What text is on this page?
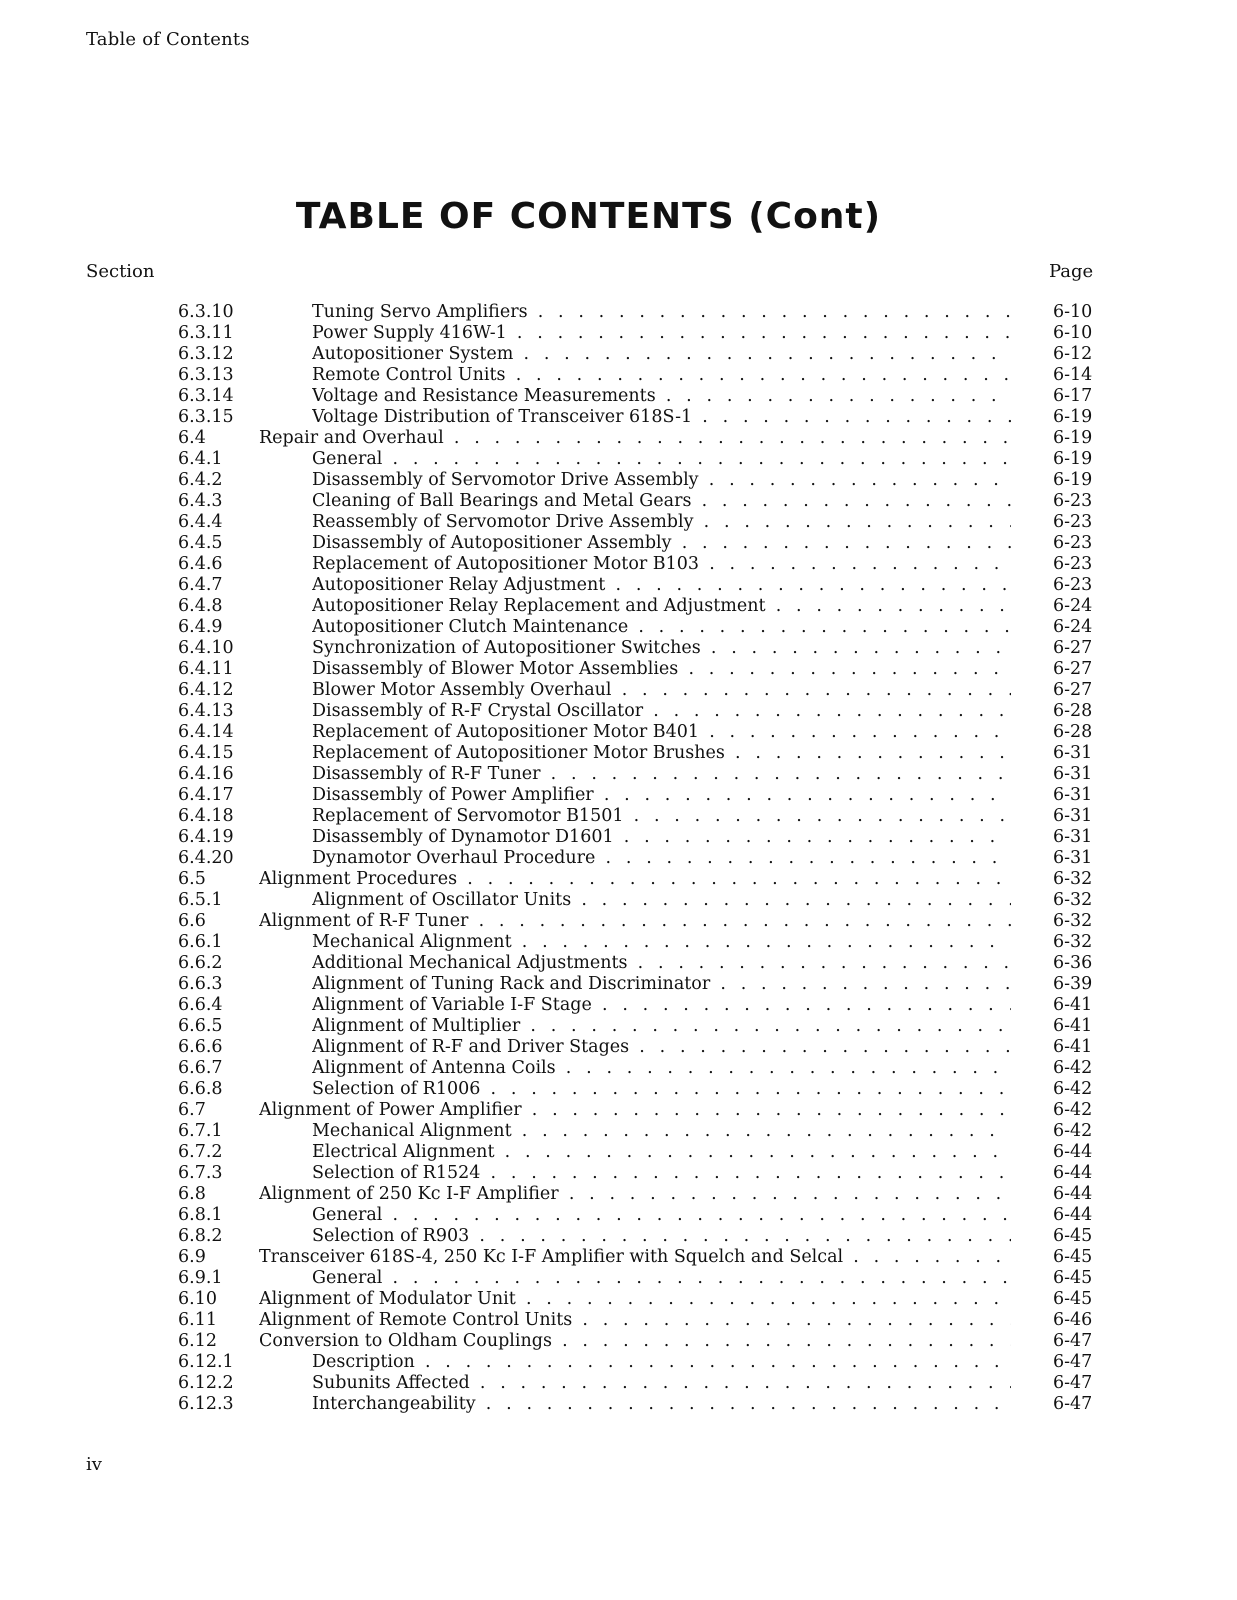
Table of Contents
TABLE OF CONTENTS (Cont)
Section	Page
6.3.10	Tuning Servo Amplifiers . . .	6-10
6.3.11	Power Supply 416W-1 . . .	6-10
6.3.12	Autopositioner System . . .	6-12
6.3.13	Remote Control Units . . .	6-14
6.3.14	Voltage and Resistance Measurements . . .	6-17
6.3.15	Voltage Distribution of Transceiver 618S-1 . . .	6-19
6.4	Repair and Overhaul . . .	6-19
6.4.1	General . . .	6-19
6.4.2	Disassembly of Servomotor Drive Assembly . . .	6-19
6.4.3	Cleaning of Ball Bearings and Metal Gears . . .	6-23
6.4.4	Reassembly of Servomotor Drive Assembly . . .	6-23
6.4.5	Disassembly of Autopositioner Assembly . . .	6-23
6.4.6	Replacement of Autopositioner Motor B103 . . .	6-23
6.4.7	Autopositioner Relay Adjustment . . .	6-23
6.4.8	Autopositioner Relay Replacement and Adjustment . . .	6-24
6.4.9	Autopositioner Clutch Maintenance . . .	6-24
6.4.10	Synchronization of Autopositioner Switches . . .	6-27
6.4.11	Disassembly of Blower Motor Assemblies . . .	6-27
6.4.12	Blower Motor Assembly Overhaul . . .	6-27
6.4.13	Disassembly of R-F Crystal Oscillator . . .	6-28
6.4.14	Replacement of Autopositioner Motor B401 . . .	6-28
6.4.15	Replacement of Autopositioner Motor Brushes . . .	6-31
6.4.16	Disassembly of R-F Tuner . . .	6-31
6.4.17	Disassembly of Power Amplifier . . .	6-31
6.4.18	Replacement of Servomotor B1501 . . .	6-31
6.4.19	Disassembly of Dynamotor D1601 . . .	6-31
6.4.20	Dynamotor Overhaul Procedure . . .	6-31
6.5	Alignment Procedures . . .	6-32
6.5.1	Alignment of Oscillator Units . . .	6-32
6.6	Alignment of R-F Tuner . . .	6-32
6.6.1	Mechanical Alignment . . .	6-32
6.6.2	Additional Mechanical Adjustments . . .	6-36
6.6.3	Alignment of Tuning Rack and Discriminator . . .	6-39
6.6.4	Alignment of Variable I-F Stage . . .	6-41
6.6.5	Alignment of Multiplier . . .	6-41
6.6.6	Alignment of R-F and Driver Stages . . .	6-41
6.6.7	Alignment of Antenna Coils . . .	6-42
6.6.8	Selection of R1006 . . .	6-42
6.7	Alignment of Power Amplifier . . .	6-42
6.7.1	Mechanical Alignment . . .	6-42
6.7.2	Electrical Alignment . . .	6-44
6.7.3	Selection of R1524 . . .	6-44
6.8	Alignment of 250 Kc I-F Amplifier . . .	6-44
6.8.1	General . . .	6-44
6.8.2	Selection of R903 . . .	6-45
6.9	Transceiver 618S-4, 250 Kc I-F Amplifier with Squelch and Selcal . . .	6-45
6.9.1	General . . .	6-45
6.10 Alignment of Modulator Unit . . .	6-45
6.11 Alignment of Remote Control Units . . .	6-46
6.12 Conversion to Oldham Couplings . . .	6-47
6.12.1	Description . . .	6-47
6.12.2	Subunits Affected . . .	6-47
6.12.3	Interchangeability . . .	6-47
iv
